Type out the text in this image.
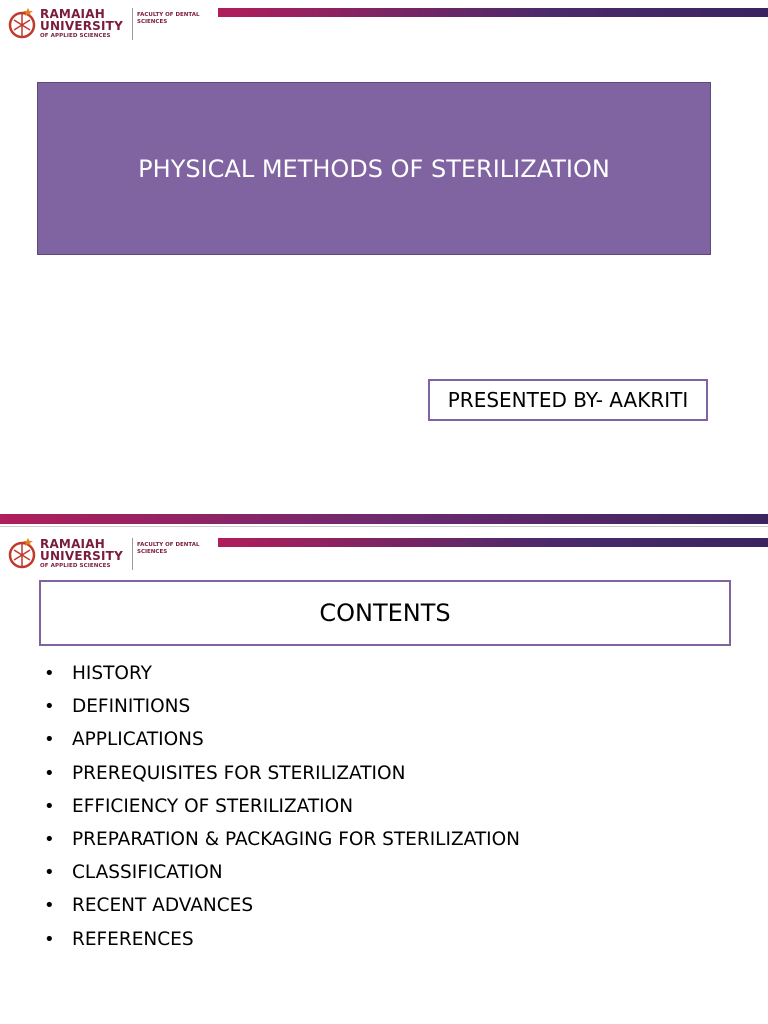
RAMAIAH
UNIVERSITY
OF APPLIED SCIENCES
FACULTY OF DENTAL
SCIENCES
PHYSICAL METHODS OF STERILIZATION
PRESENTED BY- AAKRITI
RAMAIAH
UNIVERSITY
OF APPLIED SCIENCES
FACULTY OF DENTAL
SCIENCES
CONTENTS
• HISTORY
• DEFINITIONS
• APPLICATIONS
• PREREQUISITES FOR STERILIZATION
• EFFICIENCY OF STERILIZATION
• PREPARATION & PACKAGING FOR STERILIZATION
• CLASSIFICATION
• RECENT ADVANCES
• REFERENCES
